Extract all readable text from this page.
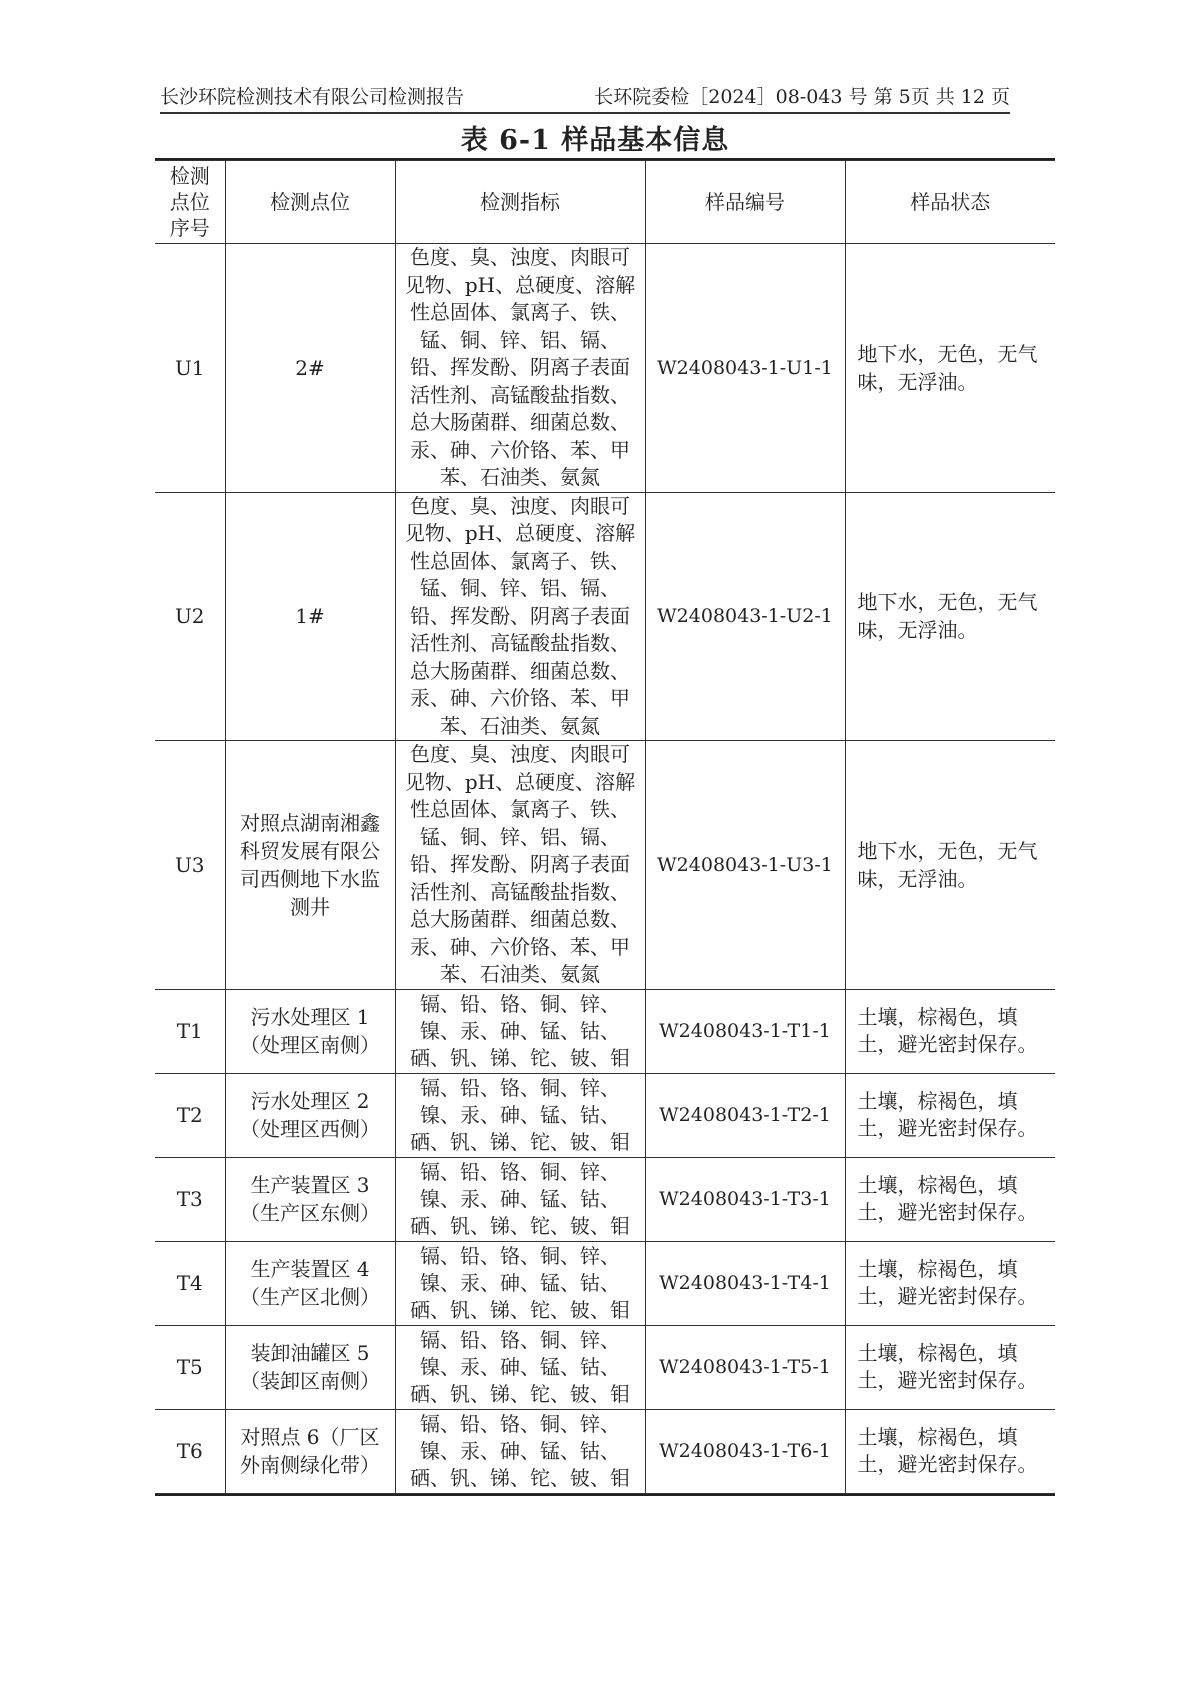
长沙环院检测技术有限公司检测报告	长环院委检［2024］08-043 号 第 5页 共 12 页
表 6-1 样品基本信息
检测点位序号	检测点位	检测指标	样品编号	样品状态
U1	2#	色度、臭、浊度、肉眼可见物、pH、总硬度、溶解性总固体、氯离子、铁、锰、铜、锌、铝、镉、铅、挥发酚、阴离子表面活性剂、高锰酸盐指数、总大肠菌群、细菌总数、汞、砷、六价铬、苯、甲苯、石油类、氨氮	W2408043-1-U1-1	地下水，无色，无气味，无浮油。
U2	1#	色度、臭、浊度、肉眼可见物、pH、总硬度、溶解性总固体、氯离子、铁、锰、铜、锌、铝、镉、铅、挥发酚、阴离子表面活性剂、高锰酸盐指数、总大肠菌群、细菌总数、汞、砷、六价铬、苯、甲苯、石油类、氨氮	W2408043-1-U2-1	地下水，无色，无气味，无浮油。
U3	对照点湖南湘鑫科贸发展有限公司西侧地下水监测井	色度、臭、浊度、肉眼可见物、pH、总硬度、溶解性总固体、氯离子、铁、锰、铜、锌、铝、镉、铅、挥发酚、阴离子表面活性剂、高锰酸盐指数、总大肠菌群、细菌总数、汞、砷、六价铬、苯、甲苯、石油类、氨氮	W2408043-1-U3-1	地下水，无色，无气味，无浮油。
T1	污水处理区 1（处理区南侧）	镉、铅、铬、铜、锌、镍、汞、砷、锰、钴、硒、钒、锑、铊、铍、钼	W2408043-1-T1-1	土壤，棕褐色，填土，避光密封保存。
T2	污水处理区 2（处理区西侧）	镉、铅、铬、铜、锌、镍、汞、砷、锰、钴、硒、钒、锑、铊、铍、钼	W2408043-1-T2-1	土壤，棕褐色，填土，避光密封保存。
T3	生产装置区 3（生产区东侧）	镉、铅、铬、铜、锌、镍、汞、砷、锰、钴、硒、钒、锑、铊、铍、钼	W2408043-1-T3-1	土壤，棕褐色，填土，避光密封保存。
T4	生产装置区 4（生产区北侧）	镉、铅、铬、铜、锌、镍、汞、砷、锰、钴、硒、钒、锑、铊、铍、钼	W2408043-1-T4-1	土壤，棕褐色，填土，避光密封保存。
T5	装卸油罐区 5（装卸区南侧）	镉、铅、铬、铜、锌、镍、汞、砷、锰、钴、硒、钒、锑、铊、铍、钼	W2408043-1-T5-1	土壤，棕褐色，填土，避光密封保存。
T6	对照点 6（厂区外南侧绿化带）	镉、铅、铬、铜、锌、镍、汞、砷、锰、钴、硒、钒、锑、铊、铍、钼	W2408043-1-T6-1	土壤，棕褐色，填土，避光密封保存。
